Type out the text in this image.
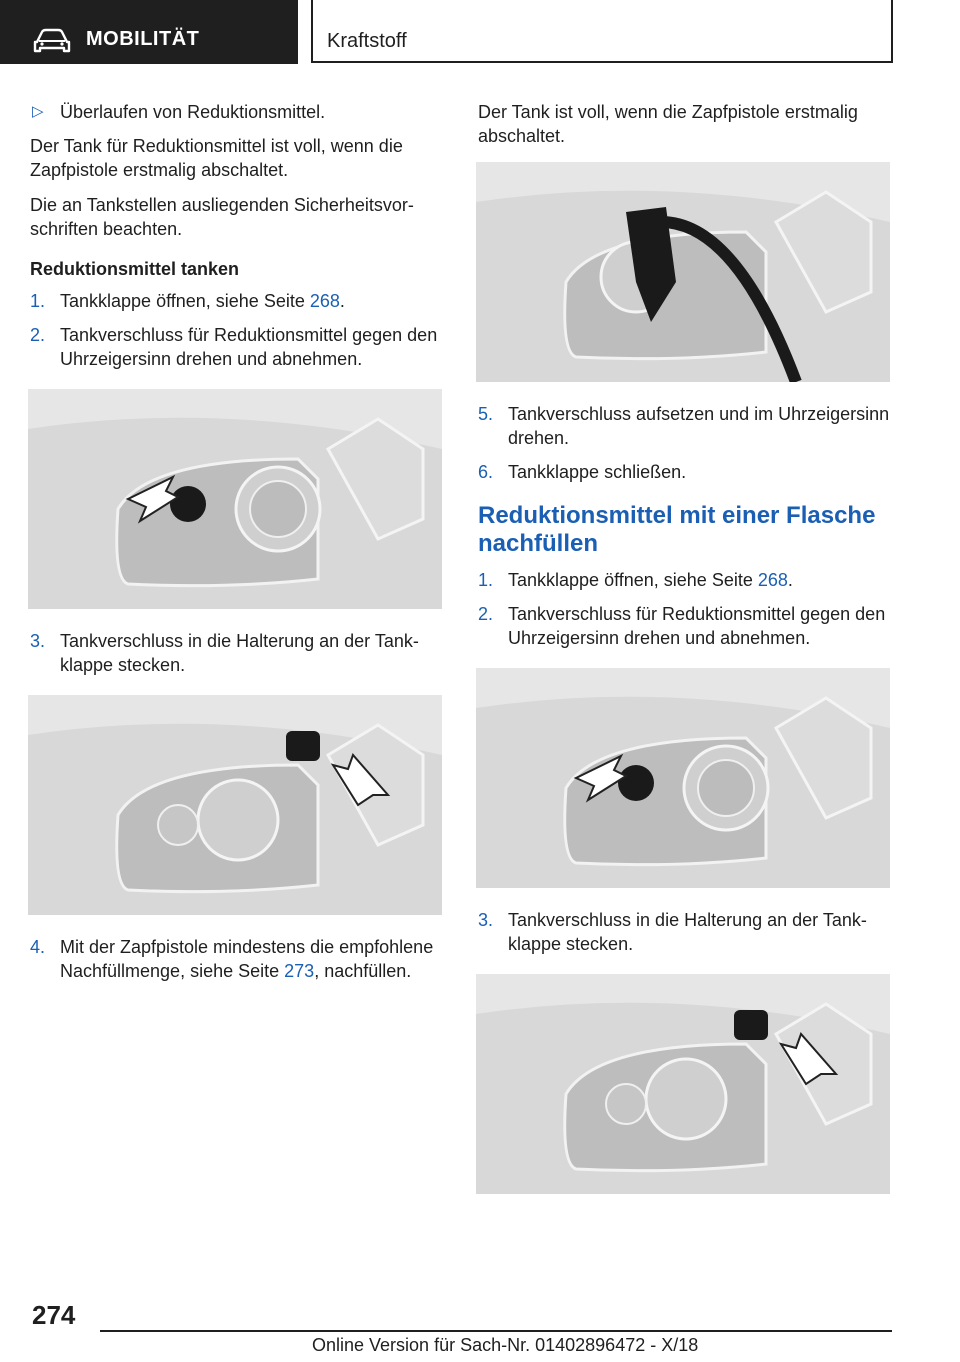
MOBILITÄT	Kraftstoff
▷ Überlaufen von Reduktionsmittel.

Der Tank für Reduktionsmittel ist voll, wenn die Zapfpistole erstmalig abschaltet.

Die an Tankstellen ausliegenden Sicherheitsvorschriften beachten.

Reduktionsmittel tanken
1. Tankklappe öffnen, siehe Seite 268.
2. Tankverschluss für Reduktionsmittel gegen den Uhrzeigersinn drehen und abnehmen.
3. Tankverschluss in die Halterung an der Tankklappe stecken.
4. Mit der Zapfpistole mindestens die empfohlene Nachfüllmenge, siehe Seite 273, nachfüllen.

Der Tank ist voll, wenn die Zapfpistole erstmalig abschaltet.

5. Tankverschluss aufsetzen und im Uhrzeigersinn drehen.
6. Tankklappe schließen.
Reduktionsmittel mit einer Flasche nachfüllen
1. Tankklappe öffnen, siehe Seite 268.
2. Tankverschluss für Reduktionsmittel gegen den Uhrzeigersinn drehen und abnehmen.
3. Tankverschluss in die Halterung an der Tankklappe stecken.
274
Online Version für Sach-Nr. 01402896472 - X/18
